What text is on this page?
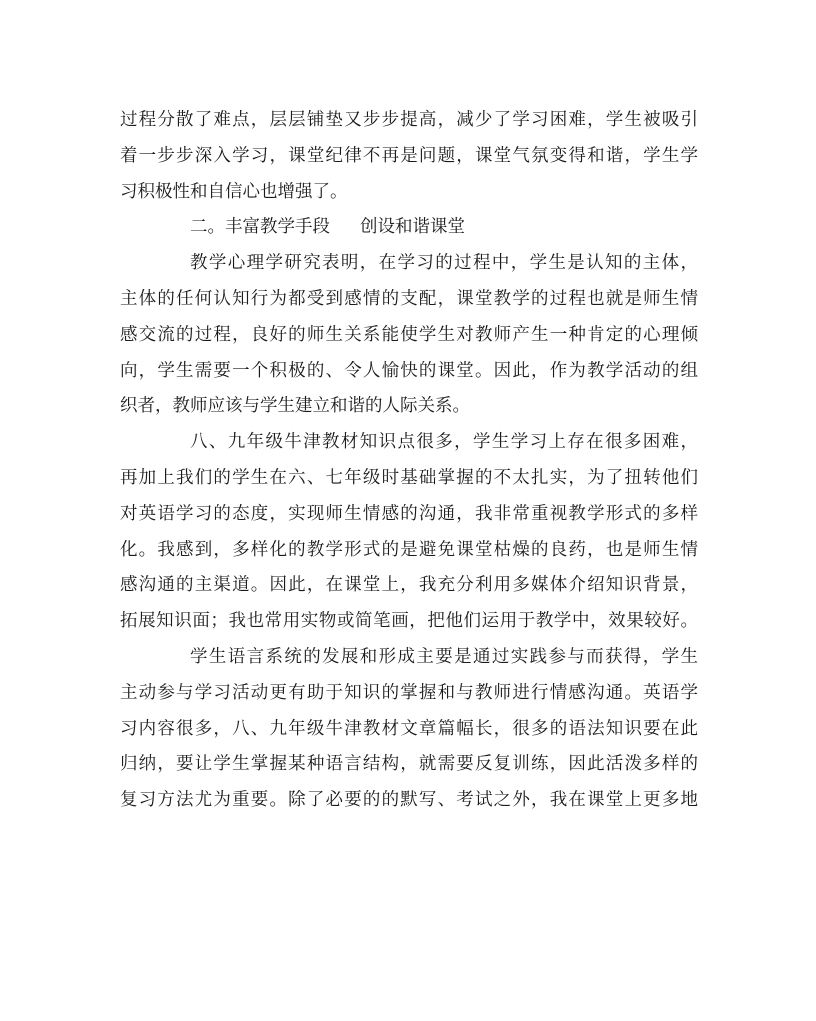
过程分散了难点，层层铺垫又步步提高，减少了学习困难，学生被吸引
着一步步深入学习，课堂纪律不再是问题，课堂气氛变得和谐，学生学
习积极性和自信心也增强了。
二。丰富教学手段 创设和谐课堂
教学心理学研究表明，在学习的过程中，学生是认知的主体，
主体的任何认知行为都受到感情的支配，课堂教学的过程也就是师生情
感交流的过程，良好的师生关系能使学生对教师产生一种肯定的心理倾
向，学生需要一个积极的、令人愉快的课堂。因此，作为教学活动的组
织者，教师应该与学生建立和谐的人际关系。
八、九年级牛津教材知识点很多，学生学习上存在很多困难，
再加上我们的学生在六、七年级时基础掌握的不太扎实，为了扭转他们
对英语学习的态度，实现师生情感的沟通，我非常重视教学形式的多样
化。我感到，多样化的教学形式的是避免课堂枯燥的良药，也是师生情
感沟通的主渠道。因此，在课堂上，我充分利用多媒体介绍知识背景，
拓展知识面；我也常用实物或简笔画，把他们运用于教学中，效果较好。
学生语言系统的发展和形成主要是通过实践参与而获得，学生
主动参与学习活动更有助于知识的掌握和与教师进行情感沟通。英语学
习内容很多，八、九年级牛津教材文章篇幅长，很多的语法知识要在此
归纳，要让学生掌握某种语言结构，就需要反复训练，因此活泼多样的
复习方法尤为重要。除了必要的的默写、考试之外，我在课堂上更多地
